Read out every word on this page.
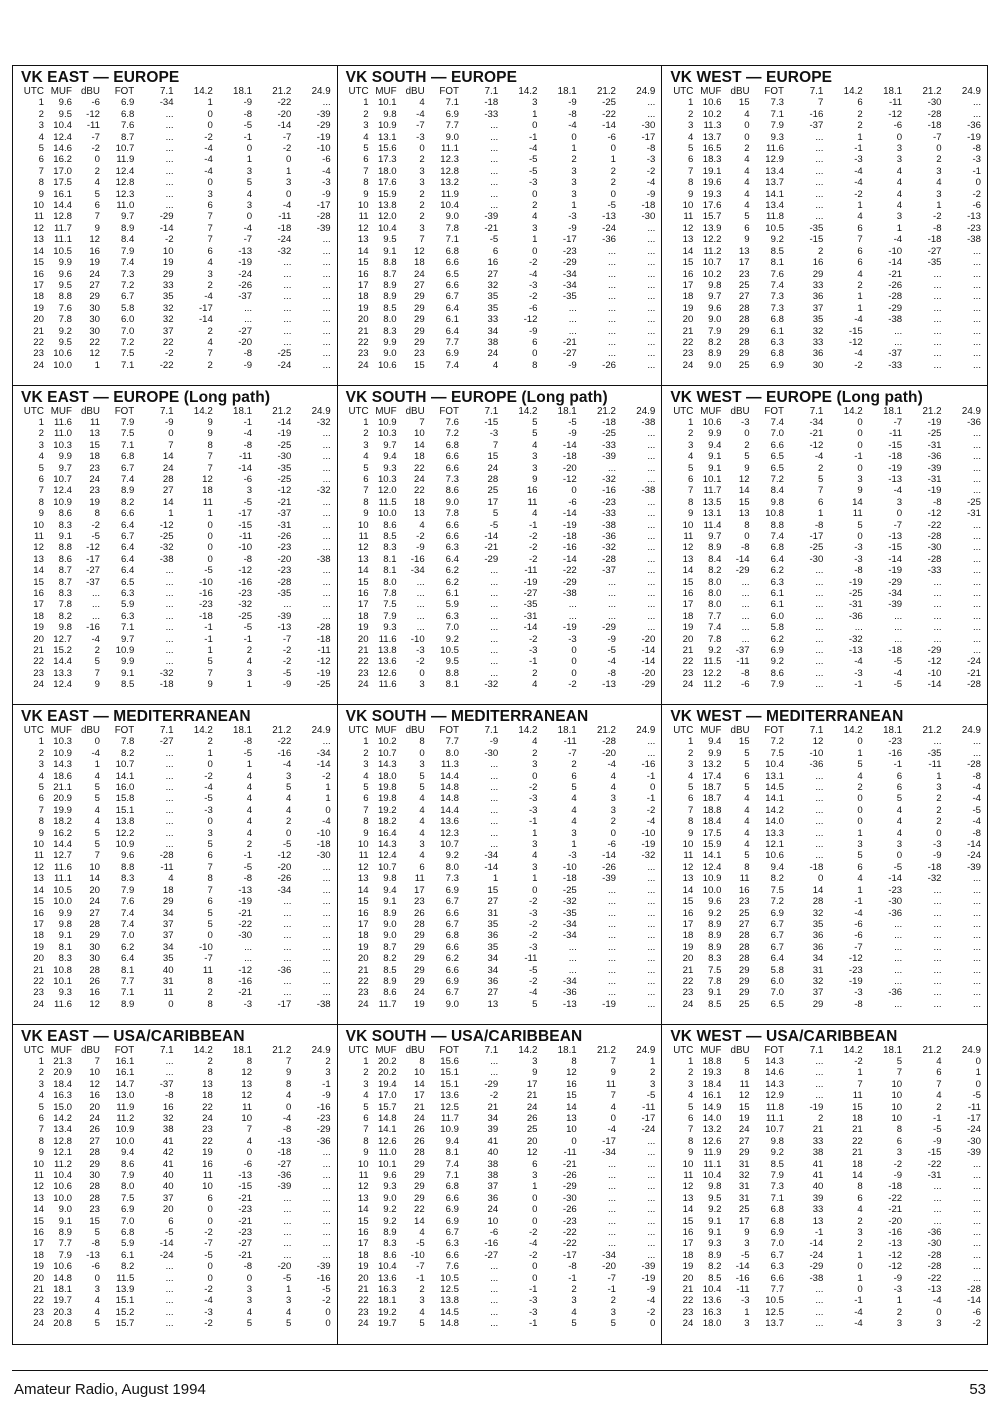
VK EAST — EUROPE
UTC	MUF	dBU	FOT	7.1	14.2	18.1	21.2	24.9
1	9.6	-6	6.9	-34	1	-9	-22	...
2	9.5	-12	6.8	...	0	-8	-20	-39
3	10.4	-11	7.6	...	0	-5	-14	-29
4	12.4	-7	8.7	...	-2	-1	-7	-19
5	14.6	-2	10.7	...	-4	0	-2	-10
6	16.2	0	11.9	...	-4	1	0	-6
7	17.0	2	12.4	...	-4	3	1	-4
8	17.5	4	12.8	...	0	5	3	-3
9	16.1	5	12.3	...	3	4	0	-9
10	14.4	6	11.0	...	6	3	-4	-17
11	12.8	7	9.7	-29	7	0	-11	-28
12	11.7	9	8.9	-14	7	-4	-18	-39
13	11.1	12	8.4	-2	7	-7	-24	...
14	10.5	16	7.9	10	6	-13	-32	...
15	9.9	19	7.4	19	4	-19	...	...
16	9.6	24	7.3	29	3	-24	...	...
17	9.5	27	7.2	33	2	-26	...	...
18	8.8	29	6.7	35	-4	-37	...	...
19	7.6	30	5.8	32	-17	...	...	...
20	7.8	30	6.0	32	-14	...	...	...
21	9.2	30	7.0	37	2	-27	...	...
22	9.5	22	7.2	22	4	-20	...	...
23	10.6	12	7.5	-2	7	-8	-25	...
24	10.0	1	7.1	-22	2	-9	-24	...
VK SOUTH — EUROPE
UTC	MUF	dBU	FOT	7.1	14.2	18.1	21.2	24.9
1	10.1	4	7.1	-18	3	-9	-25	...
2	9.8	-4	6.9	-33	1	-8	-22	...
3	10.9	-7	7.7	...	0	-4	-14	-30
4	13.1	-3	9.0	...	-1	0	-6	-17
5	15.6	0	11.1	...	-4	1	0	-8
6	17.3	2	12.3	...	-5	2	1	-3
7	18.0	3	12.8	...	-5	3	2	-2
8	17.6	3	13.2	...	-3	3	2	-4
9	15.9	2	11.9	...	0	3	0	-9
10	13.8	2	10.4	...	2	1	-5	-18
11	12.0	2	9.0	-39	4	-3	-13	-30
12	10.4	3	7.8	-21	3	-9	-24	...
13	9.5	7	7.1	-5	1	-17	-36	...
14	9.1	12	6.8	6	0	-23	...	...
15	8.8	18	6.6	16	-2	-29	...	...
16	8.7	24	6.5	27	-4	-34	...	...
17	8.9	27	6.6	32	-3	-34	...	...
18	8.9	29	6.7	35	-2	-35	...	...
19	8.5	29	6.4	35	-6	...	...	...
20	8.0	29	6.1	33	-12	...	...	...
21	8.3	29	6.4	34	-9	...	...	...
22	9.9	29	7.7	38	6	-21	...	...
23	9.0	23	6.9	24	0	-27	...	...
24	10.6	15	7.4	4	8	-9	-26	...
VK WEST — EUROPE
UTC	MUF	dBU	FOT	7.1	14.2	18.1	21.2	24.9
1	10.6	15	7.3	7	6	-11	-30	...
2	10.2	4	7.1	-16	2	-12	-28	...
3	11.3	0	7.9	-37	2	-6	-18	-36
4	13.7	0	9.3	...	1	0	-7	-19
5	16.5	2	11.6	...	-1	3	0	-8
6	18.3	4	12.9	...	-3	3	2	-3
7	19.1	4	13.4	...	-4	4	3	-1
8	19.6	4	13.7	...	-4	4	4	0
9	19.3	4	14.1	...	-2	4	3	-2
10	17.6	4	13.4	...	1	4	1	-6
11	15.7	5	11.8	...	4	3	-2	-13
12	13.9	6	10.5	-35	6	1	-8	-23
13	12.2	9	9.2	-15	7	-4	-18	-38
14	11.2	13	8.5	2	6	-10	-27	...
15	10.7	17	8.1	16	6	-14	-35	...
16	10.2	23	7.6	29	4	-21	...	...
17	9.8	25	7.4	33	2	-26	...	...
18	9.7	27	7.3	36	1	-28	...	...
19	9.6	28	7.3	37	1	-29	...	...
20	9.0	28	6.8	35	-4	-38	...	...
21	7.9	29	6.1	32	-15	...	...	...
22	8.2	28	6.3	33	-12	...	...	...
23	8.9	29	6.8	36	-4	-37	...	...
24	9.0	25	6.9	30	-2	-33	...	...
VK EAST — EUROPE (Long path)
UTC	MUF	dBU	FOT	7.1	14.2	18.1	21.2	24.9
1	11.6	11	7.9	-9	9	-1	-14	-32
2	11.0	13	7.5	0	9	-4	-19	...
3	10.3	15	7.1	7	8	-8	-25	...
4	9.9	18	6.8	14	7	-11	-30	...
5	9.7	23	6.7	24	7	-14	-35	...
6	10.7	24	7.4	28	12	-6	-25	...
7	12.4	23	8.9	27	18	3	-12	-32
8	10.9	19	8.2	14	11	-5	-21	...
9	8.6	8	6.6	1	1	-17	-37	...
10	8.3	-2	6.4	-12	0	-15	-31	...
11	9.1	-5	6.7	-25	0	-11	-26	...
12	8.8	-12	6.4	-32	0	-10	-23	...
13	8.6	-17	6.4	-38	0	-8	-20	-38
14	8.7	-27	6.4	...	-5	-12	-23	...
15	8.7	-37	6.5	...	-10	-16	-28	...
16	8.3	...	6.3	...	-16	-23	-35	...
17	7.8	...	5.9	...	-23	-32	...	...
18	8.2	...	6.3	...	-18	-25	-39	...
19	9.8	-16	7.1	...	-1	-5	-13	-28
20	12.7	-4	9.7	...	-1	-1	-7	-18
21	15.2	2	10.9	...	1	2	-2	-11
22	14.4	5	9.9	...	5	4	-2	-12
23	13.3	7	9.1	-32	7	3	-5	-19
24	12.4	9	8.5	-18	9	1	-9	-25
VK SOUTH — EUROPE (Long path)
UTC	MUF	dBU	FOT	7.1	14.2	18.1	21.2	24.9
1	10.9	7	7.6	-15	5	-5	-18	-38
2	10.3	10	7.2	-3	5	-9	-25	...
3	9.7	14	6.8	7	4	-14	-33	...
4	9.4	18	6.6	15	3	-18	-39	...
5	9.3	22	6.6	24	3	-20	...	...
6	10.3	24	7.3	28	9	-12	-32	...
7	12.0	22	8.6	25	16	0	-16	-38
8	11.5	18	9.0	17	11	-6	-23	...
9	10.0	13	7.8	5	4	-14	-33	...
10	8.6	4	6.6	-5	-1	-19	-38	...
11	8.5	-2	6.6	-14	-2	-18	-36	...
12	8.3	-9	6.3	-21	-2	-16	-32	...
13	8.1	-16	6.4	-29	-2	-14	-28	...
14	8.1	-34	6.2	...	-11	-22	-37	...
15	8.0	...	6.2	...	-19	-29	...	...
16	7.8	...	6.1	...	-27	-38	...	...
17	7.5	...	5.9	...	-35	...	...	...
18	7.9	...	6.3	...	-31	...	...	...
19	9.3	...	7.0	...	-14	-19	-29	...
20	11.6	-10	9.2	...	-2	-3	-9	-20
21	13.8	-3	10.5	...	-3	0	-5	-14
22	13.6	-2	9.5	...	-1	0	-4	-14
23	12.6	0	8.8	...	2	0	-8	-20
24	11.6	3	8.1	-32	4	-2	-13	-29
VK WEST — EUROPE (Long path)
UTC	MUF	dBU	FOT	7.1	14.2	18.1	21.2	24.9
1	10.6	-3	7.4	-34	0	-7	-19	-36
2	9.9	0	7.0	-21	0	-11	-25	...
3	9.4	2	6.6	-12	0	-15	-31	...
4	9.1	5	6.5	-4	-1	-18	-36	...
5	9.1	9	6.5	2	0	-19	-39	...
6	10.1	12	7.2	5	3	-13	-31	...
7	11.7	14	8.4	7	9	-4	-19	...
8	13.5	15	9.8	6	14	3	-8	-25
9	13.1	13	10.8	1	11	0	-12	-31
10	11.4	8	8.8	-8	5	-7	-22	...
11	9.7	0	7.4	-17	0	-13	-28	...
12	8.9	-8	6.8	-25	-3	-15	-30	...
13	8.4	-14	6.4	-30	-3	-14	-28	...
14	8.2	-29	6.2	...	-8	-19	-33	...
15	8.0	...	6.3	...	-19	-29	...	...
16	8.0	...	6.1	...	-25	-34	...	...
17	8.0	...	6.1	...	-31	-39	...	...
18	7.7	...	6.0	...	-36	...	...	...
19	7.4	...	5.8	...	...	...	...	...
20	7.8	...	6.2	...	-32	...	...	...
21	9.2	-37	6.9	...	-13	-18	-29	...
22	11.5	-11	9.2	...	-4	-5	-12	-24
23	12.2	-8	8.6	...	-3	-4	-10	-21
24	11.2	-6	7.9	...	-1	-5	-14	-28
VK EAST — MEDITERRANEAN
UTC	MUF	dBU	FOT	7.1	14.2	18.1	21.2	24.9
1	10.3	0	7.8	-27	2	-8	-22	...
2	10.9	-4	8.2	...	1	-5	-16	-34
3	14.3	1	10.7	...	0	1	-4	-14
4	18.6	4	14.1	...	-2	4	3	-2
5	21.1	5	16.0	...	-4	4	5	1
6	20.9	5	15.8	...	-5	4	4	1
7	19.9	4	15.1	...	-3	4	4	0
8	18.2	4	13.8	...	0	4	2	-4
9	16.2	5	12.2	...	3	4	0	-10
10	14.4	5	10.9	...	5	2	-5	-18
11	12.7	7	9.6	-28	6	-1	-12	-30
12	11.6	10	8.8	-11	7	-5	-20	...
13	11.1	14	8.3	4	8	-8	-26	...
14	10.5	20	7.9	18	7	-13	-34	...
15	10.0	24	7.6	29	6	-19	...	...
16	9.9	27	7.4	34	5	-21	...	...
17	9.8	28	7.4	37	5	-22	...	...
18	9.1	29	7.0	37	0	-30	...	...
19	8.1	30	6.2	34	-10	...	...	...
20	8.3	30	6.4	35	-7	...	...	...
21	10.8	28	8.1	40	11	-12	-36	...
22	10.1	26	7.7	31	8	-16	...	...
23	9.3	16	7.1	11	2	-21	...	...
24	11.6	12	8.9	0	8	-3	-17	-38
VK SOUTH — MEDITERRANEAN
UTC	MUF	dBU	FOT	7.1	14.2	18.1	21.2	24.9
1	10.2	8	7.7	-9	4	-11	-28	...
2	10.7	0	8.0	-30	2	-7	-20	...
3	14.3	3	11.3	...	3	2	-4	-16
4	18.0	5	14.4	...	0	6	4	-1
5	19.8	5	14.8	...	-2	5	4	0
6	19.8	4	14.8	...	-3	4	3	-1
7	19.2	4	14.4	...	-3	4	3	-2
8	18.2	4	13.6	...	-1	4	2	-4
9	16.4	4	12.3	...	1	3	0	-10
10	14.3	3	10.7	...	3	1	-6	-19
11	12.4	4	9.2	-34	4	-3	-14	-32
12	10.7	6	8.0	-14	3	-10	-26	...
13	9.8	11	7.3	1	1	-18	-39	...
14	9.4	17	6.9	15	0	-25	...	...
15	9.1	23	6.7	27	-2	-32	...	...
16	8.9	26	6.6	31	-3	-35	...	...
17	9.0	28	6.7	35	-2	-34	...	...
18	9.0	29	6.8	36	-2	-34	...	...
19	8.7	29	6.6	35	-3	...	...	...
20	8.2	29	6.2	34	-11	...	...	...
21	8.5	29	6.6	34	-5	...	...	...
22	8.9	29	6.9	36	-2	-34	...	...
23	8.6	24	6.7	27	-4	-36	...	...
24	11.7	19	9.0	13	5	-13	-19	...
VK WEST — MEDITERRANEAN
UTC	MUF	dBU	FOT	7.1	14.2	18.1	21.2	24.9
1	9.4	15	7.2	12	0	-23	...	...
2	9.9	5	7.5	-10	1	-16	-35	...
3	13.2	5	10.4	-36	5	-1	-11	-28
4	17.4	6	13.1	...	4	6	1	-8
5	18.7	5	14.5	...	2	6	3	-4
6	18.7	4	14.1	...	0	5	2	-4
7	18.8	4	14.2	...	0	4	2	-5
8	18.4	4	14.0	...	0	4	2	-4
9	17.5	4	13.3	...	1	4	0	-8
10	15.9	4	12.1	...	3	3	-3	-14
11	14.1	5	10.6	...	5	0	-9	-24
12	12.4	8	9.4	-18	6	-5	-18	-39
13	10.9	11	8.2	0	4	-14	-32	...
14	10.0	16	7.5	14	1	-23	...	...
15	9.6	23	7.2	28	-1	-30	...	...
16	9.2	25	6.9	32	-4	-36	...	...
17	8.9	27	6.7	35	-6	...	...	...
18	8.9	28	6.7	36	-6	...	...	...
19	8.9	28	6.7	36	-7	...	...	...
20	8.3	28	6.4	34	-12	...	...	...
21	7.5	29	5.8	31	-23	...	...	...
22	7.8	29	6.0	32	-19	...	...	...
23	9.1	29	7.0	37	-3	-36	...	...
24	8.5	25	6.5	29	-8	...	...	...
VK EAST — USA/CARIBBEAN
UTC	MUF	dBU	FOT	7.1	14.2	18.1	21.2	24.9
1	21.3	7	16.1	...	2	8	7	2
2	20.9	10	16.1	...	8	12	9	3
3	18.4	12	14.7	-37	13	13	8	-1
4	16.3	16	13.0	-8	18	12	4	-9
5	15.0	20	11.9	16	22	11	0	-16
6	14.2	24	11.2	32	24	10	-4	-23
7	13.4	26	10.9	38	23	7	-8	-29
8	12.8	27	10.0	41	22	4	-13	-36
9	12.1	28	9.4	42	19	0	-18	...
10	11.2	29	8.6	41	16	-6	-27	...
11	10.4	30	7.9	40	11	-13	-36	...
12	10.6	28	8.0	40	10	-15	-39	...
13	10.0	28	7.5	37	6	-21	...	...
14	9.0	23	6.9	20	0	-23	...	...
15	9.1	15	7.0	6	0	-21	...	...
16	8.9	5	6.8	-5	-2	-23	...	...
17	7.7	-8	5.9	-14	-7	-27	...	...
18	7.9	-13	6.1	-24	-5	-21	...	...
19	10.6	-6	8.2	...	0	-8	-20	-39
20	14.8	0	11.5	...	0	0	-5	-16
21	18.1	3	13.9	...	-2	3	1	-5
22	19.7	4	15.1	...	-4	3	3	-2
23	20.3	4	15.2	...	-3	4	4	0
24	20.8	5	15.7	...	-2	5	5	0
VK SOUTH — USA/CARIBBEAN
UTC	MUF	dBU	FOT	7.1	14.2	18.1	21.2	24.9
1	20.2	8	15.6	...	3	8	7	1
2	20.2	10	15.1	...	9	12	9	2
3	19.4	14	15.1	-29	17	16	11	3
4	17.0	17	13.6	-2	21	15	7	-5
5	15.7	21	12.5	21	24	14	4	-11
6	14.8	24	11.7	34	26	13	0	-17
7	14.1	26	10.9	39	25	10	-4	-24
8	12.6	26	9.4	41	20	0	-17	...
9	11.0	28	8.1	40	12	-11	-34	...
10	10.1	29	7.4	38	6	-21	...	...
11	9.6	29	7.1	38	3	-26	...	...
12	9.3	29	6.8	37	1	-29	...	...
13	9.0	29	6.6	36	0	-30	...	...
14	9.2	22	6.9	24	0	-26	...	...
15	9.2	14	6.9	10	0	-23	...	...
16	8.9	4	6.7	-6	-2	-22	...	...
17	8.3	-5	6.3	-16	-4	-22	...	...
18	8.6	-10	6.6	-27	-2	-17	-34	...
19	10.4	-7	7.6	...	0	-8	-20	-39
20	13.6	-1	10.5	...	0	-1	-7	-19
21	16.3	2	12.5	...	-1	2	-1	-9
22	18.1	3	13.8	...	-3	3	2	-4
23	19.2	4	14.5	...	-3	4	3	-2
24	19.7	5	14.8	...	-1	5	5	0
VK WEST — USA/CARIBBEAN
UTC	MUF	dBU	FOT	7.1	14.2	18.1	21.2	24.9
1	18.8	5	14.3	...	-2	5	4	0
2	19.3	8	14.6	...	1	7	6	1
3	18.4	11	14.3	...	7	10	7	0
4	16.1	12	12.9	...	11	10	4	-5
5	14.9	15	11.8	-19	15	10	2	-11
6	14.0	19	11.1	2	18	10	-1	-17
7	13.2	24	10.7	21	21	8	-5	-24
8	12.6	27	9.8	33	22	6	-9	-30
9	11.9	29	9.2	38	21	3	-15	-39
10	11.1	31	8.5	41	18	-2	-22	...
11	10.4	32	7.9	41	14	-9	-31	...
12	9.8	31	7.3	40	8	-18	...	...
13	9.5	31	7.1	39	6	-22	...	...
14	9.2	25	6.8	33	4	-21	...	...
15	9.1	17	6.8	13	2	-20	...	...
16	9.1	9	6.9	-1	3	-16	-36	...
17	9.3	3	7.0	-14	2	-13	-30	...
18	8.9	-5	6.7	-24	1	-12	-28	...
19	8.2	-14	6.3	-29	0	-12	-28	...
20	8.5	-16	6.6	-38	1	-9	-22	...
21	10.4	-11	7.7	...	0	-3	-13	-28
22	13.6	-3	10.5	...	-1	1	-4	-14
23	16.3	1	12.5	...	-4	2	0	-6
24	18.0	3	13.7	...	-4	3	3	-2
Amateur Radio, August 1994	53
